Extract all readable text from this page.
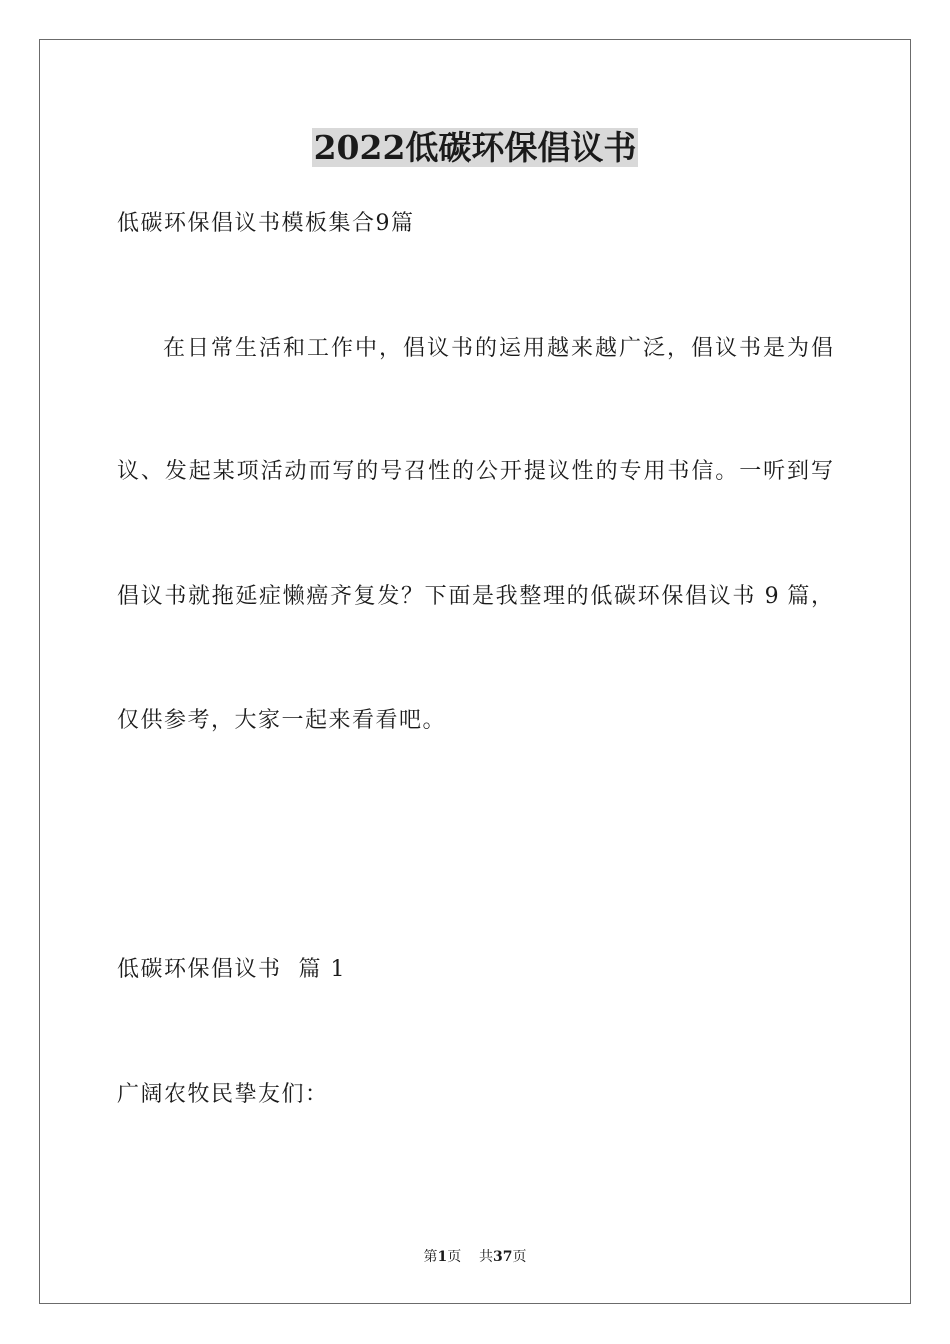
2022低碳环保倡议书
低碳环保倡议书模板集合9篇
在日常生活和工作中，倡议书的运用越来越广泛，倡议书是为倡
议、发起某项活动而写的号召性的公开提议性的专用书信。一听到写
倡议书就拖延症懒癌齐复发？下面是我整理的低碳环保倡议书 9 篇，
仅供参考，大家一起来看看吧。
低碳环保倡议书  篇 1
广阔农牧民挚友们：
第1页 共37页
